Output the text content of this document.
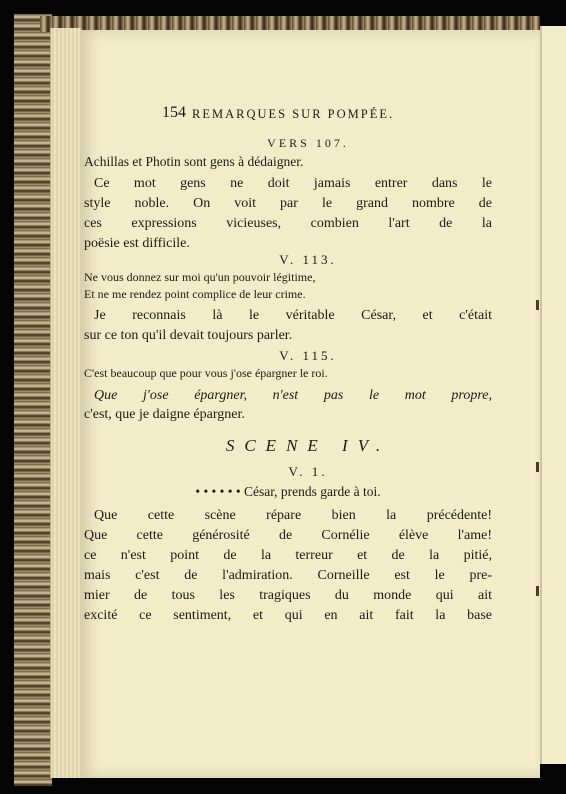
154 REMARQUES SUR POMPÉE.
VERS 107.
Achillas et Photin sont gens à dédaigner.
Ce mot gens ne doit jamais entrer dans le
style noble. On voit par le grand nombre de
ces expressions vicieuses, combien l'art de la
poësie est difficile.
V. 113.
Ne vous donnez sur moi qu'un pouvoir légitime,
Et ne me rendez point complice de leur crime.
Je reconnais là le véritable César, et c'était
sur ce ton qu'il devait toujours parler.
V. 115.
C'est beaucoup que pour vous j'ose épargner le roi.
Que j'ose épargner, n'est pas le mot propre,
c'est, que je daigne épargner.
SCENE IV.
V. 1.
• • • • • • César, prends garde à toi.
Que cette scène répare bien la précédente!
Que cette générosité de Cornélie élève l'ame!
ce n'est point de la terreur et de la pitié,
mais c'est de l'admiration. Corneille est le pre-
mier de tous les tragiques du monde qui ait
excité ce sentiment, et qui en ait fait la base
